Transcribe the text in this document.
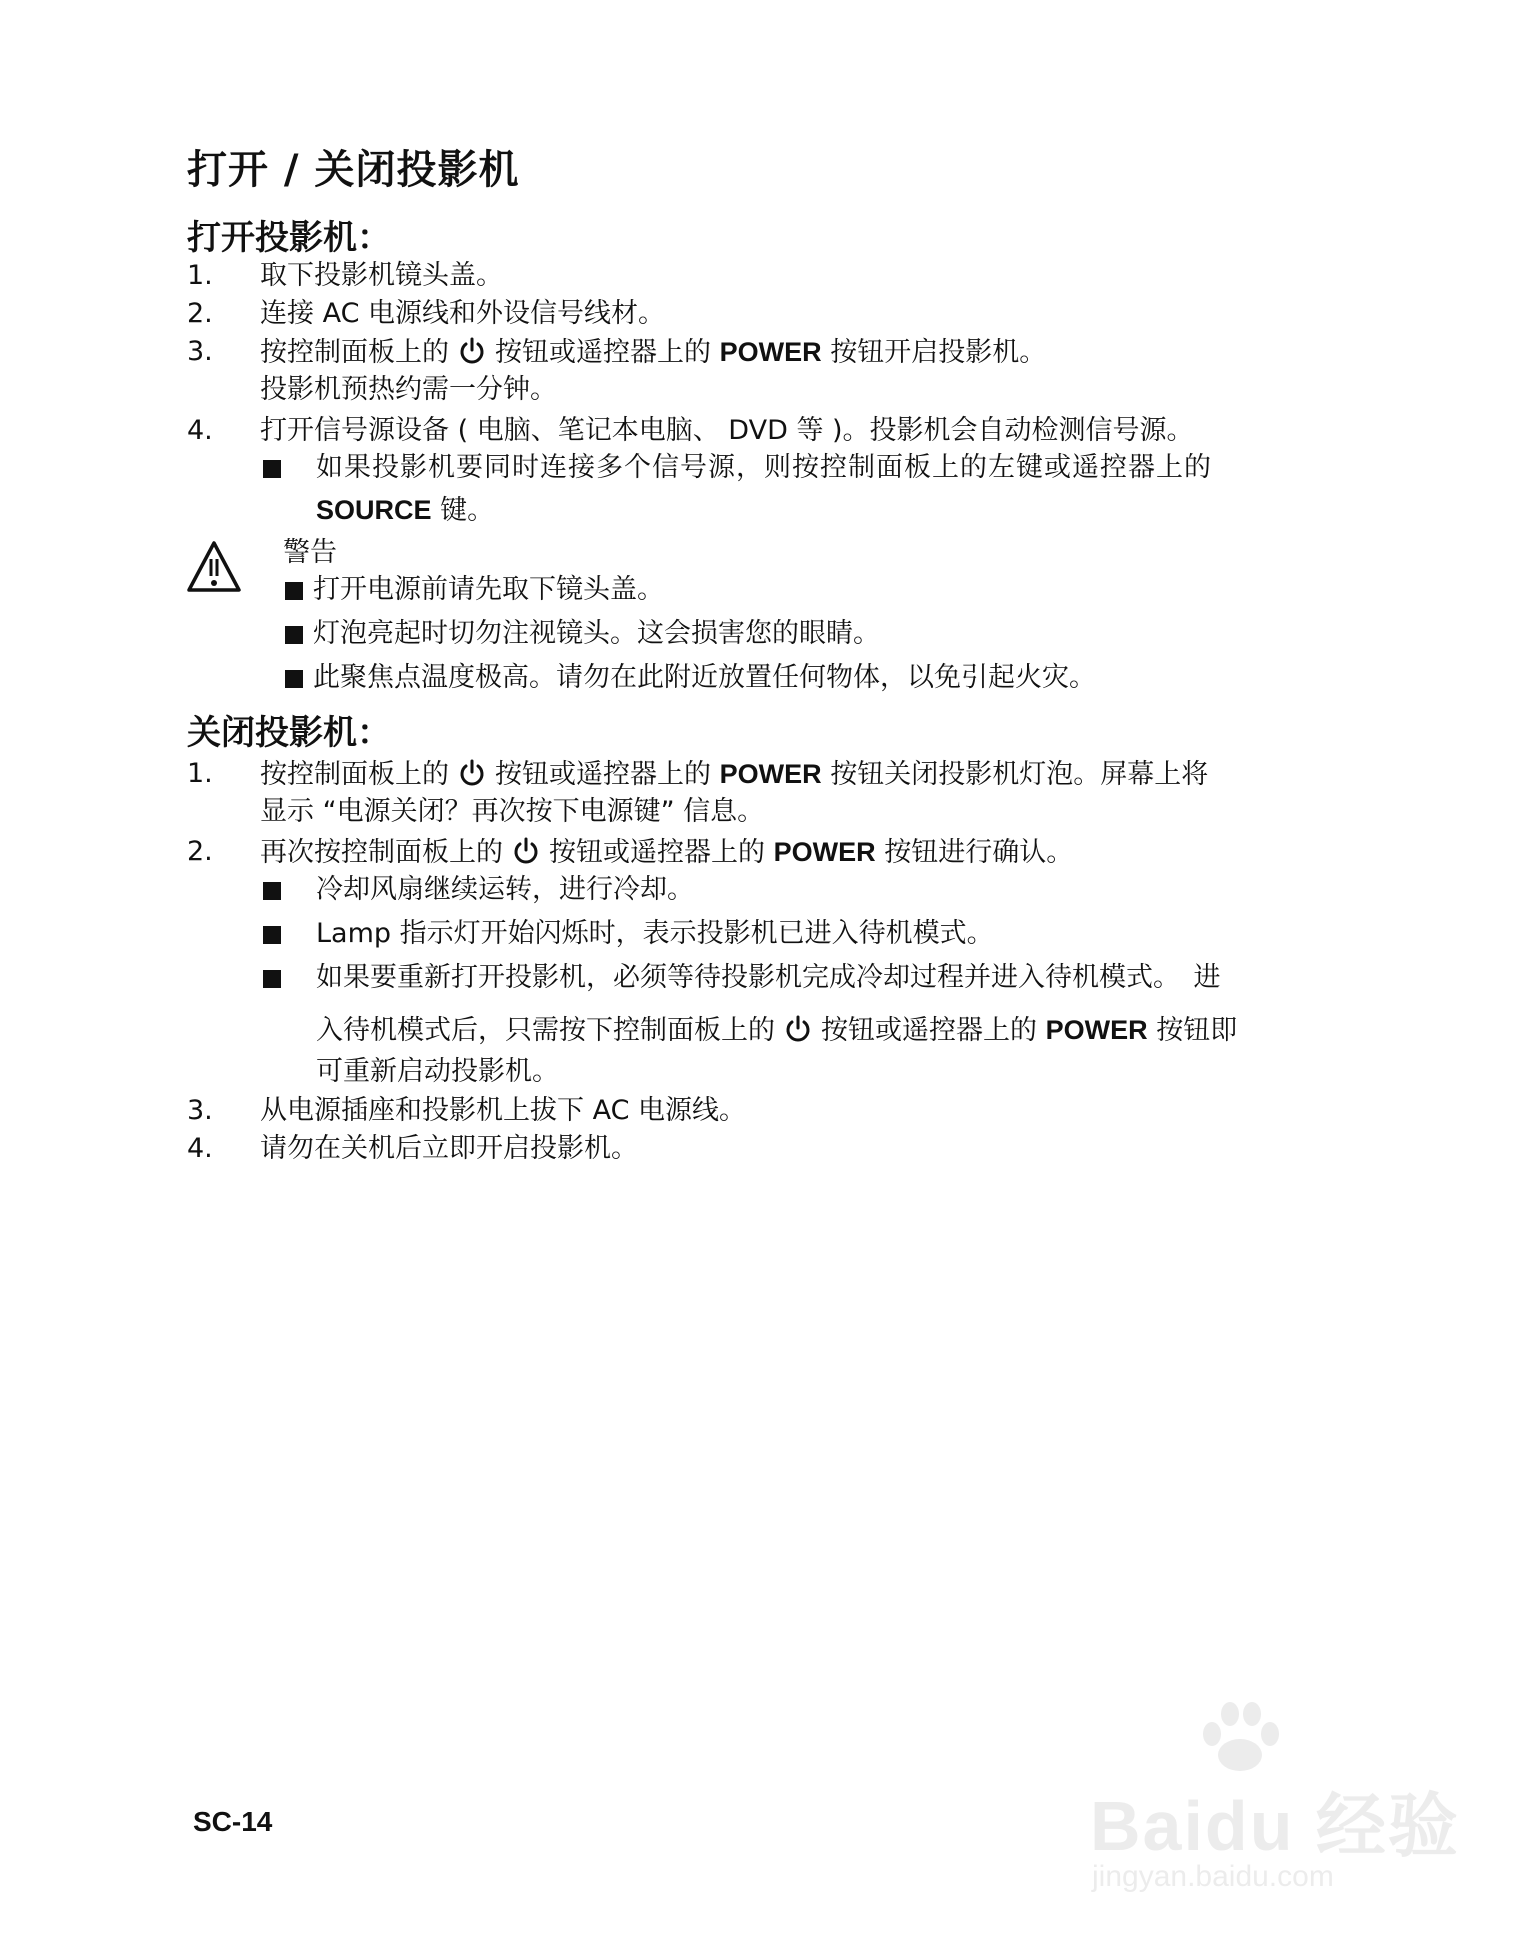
打开 / 关闭投影机
打开投影机：
1. 取下投影机镜头盖。
2. 连接 AC 电源线和外设信号线材。
3. 按控制面板上的 按钮或遥控器上的 POWER 按钮开启投影机。
投影机预热约需一分钟。
4. 打开信号源设备 ( 电脑、笔记本电脑、 DVD 等 )。投影机会自动检测信号源。
如果投影机要同时连接多个信号源，则按控制面板上的左键或遥控器上的
SOURCE 键。
警告
打开电源前请先取下镜头盖。
灯泡亮起时切勿注视镜头。这会损害您的眼睛。
此聚焦点温度极高。请勿在此附近放置任何物体，以免引起火灾。
关闭投影机：
1. 按控制面板上的 按钮或遥控器上的 POWER 按钮关闭投影机灯泡。屏幕上将
显示 “电源关闭？再次按下电源键” 信息。
2. 再次按控制面板上的 按钮或遥控器上的 POWER 按钮进行确认。
冷却风扇继续运转，进行冷却。
Lamp 指示灯开始闪烁时，表示投影机已进入待机模式。
如果要重新打开投影机，必须等待投影机完成冷却过程并进入待机模式。　进
入待机模式后，只需按下控制面板上的 按钮或遥控器上的 POWER 按钮即
可重新启动投影机。
3. 从电源插座和投影机上拔下 AC 电源线。
4. 请勿在关机后立即开启投影机。
SC-14	Baidu 经验
jingyan.baidu.com
